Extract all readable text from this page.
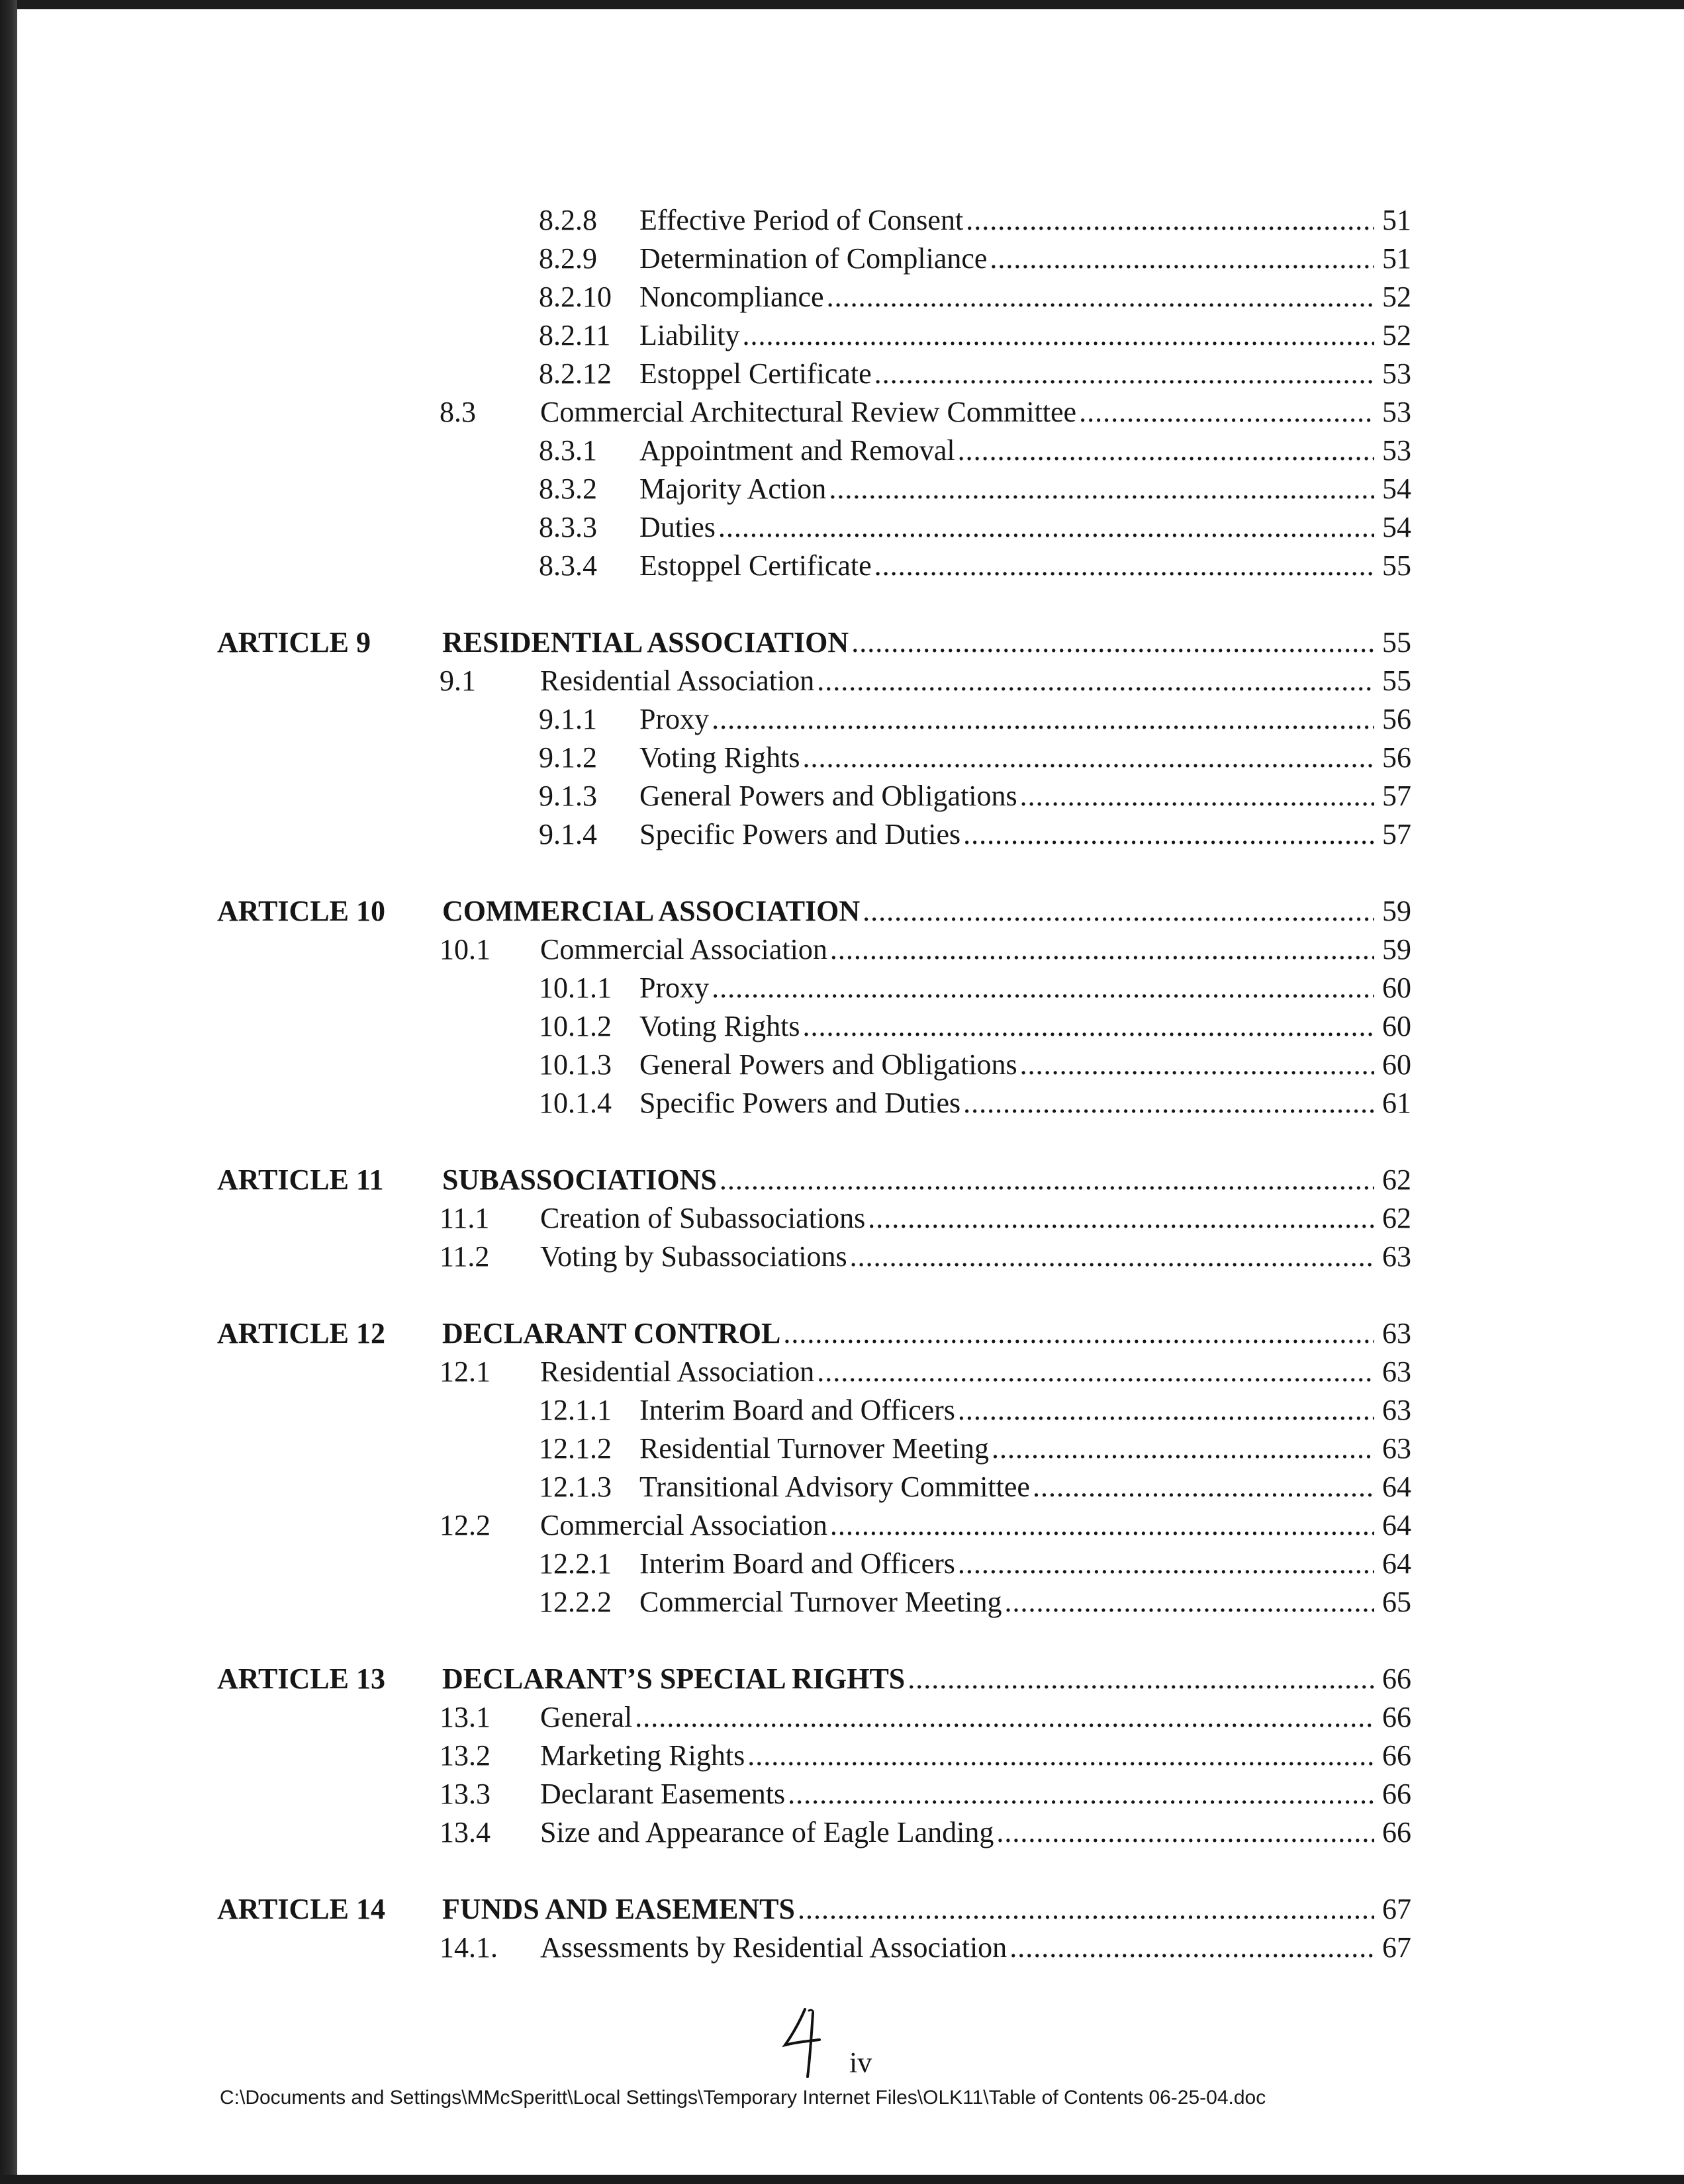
8.2.8 Effective Period of Consent .....	51
8.2.9 Determination of Compliance .....	51
8.2.10 Noncompliance .....	52
8.2.11 Liability .....	52
8.2.12 Estoppel Certificate .....	53
8.3 Commercial Architectural Review Committee .....	53
8.3.1 Appointment and Removal .....	53
8.3.2 Majority Action .....	54
8.3.3 Duties .....	54
8.3.4 Estoppel Certificate .....	55
ARTICLE 9 RESIDENTIAL ASSOCIATION .....	55
9.1 Residential Association .....	55
9.1.1 Proxy .....	56
9.1.2 Voting Rights .....	56
9.1.3 General Powers and Obligations .....	57
9.1.4 Specific Powers and Duties .....	57
ARTICLE 10 COMMERCIAL ASSOCIATION .....	59
10.1 Commercial Association .....	59
10.1.1 Proxy .....	60
10.1.2 Voting Rights .....	60
10.1.3 General Powers and Obligations .....	60
10.1.4 Specific Powers and Duties .....	61
ARTICLE 11 SUBASSOCIATIONS .....	62
11.1 Creation of Subassociations .....	62
11.2 Voting by Subassociations .....	63
ARTICLE 12 DECLARANT CONTROL .....	63
12.1 Residential Association .....	63
12.1.1 Interim Board and Officers .....	63
12.1.2 Residential Turnover Meeting .....	63
12.1.3 Transitional Advisory Committee .....	64
12.2 Commercial Association .....	64
12.2.1 Interim Board and Officers .....	64
12.2.2 Commercial Turnover Meeting .....	65
ARTICLE 13 DECLARANT’S SPECIAL RIGHTS .....	66
13.1 General .....	66
13.2 Marketing Rights .....	66
13.3 Declarant Easements .....	66
13.4 Size and Appearance of Eagle Landing .....	66
ARTICLE 14 FUNDS AND EASEMENTS .....	67
14.1. Assessments by Residential Association .....	67
iv
C:\Documents and Settings\MMcSperitt\Local Settings\Temporary Internet Files\OLK11\Table of Contents 06-25-04.doc
